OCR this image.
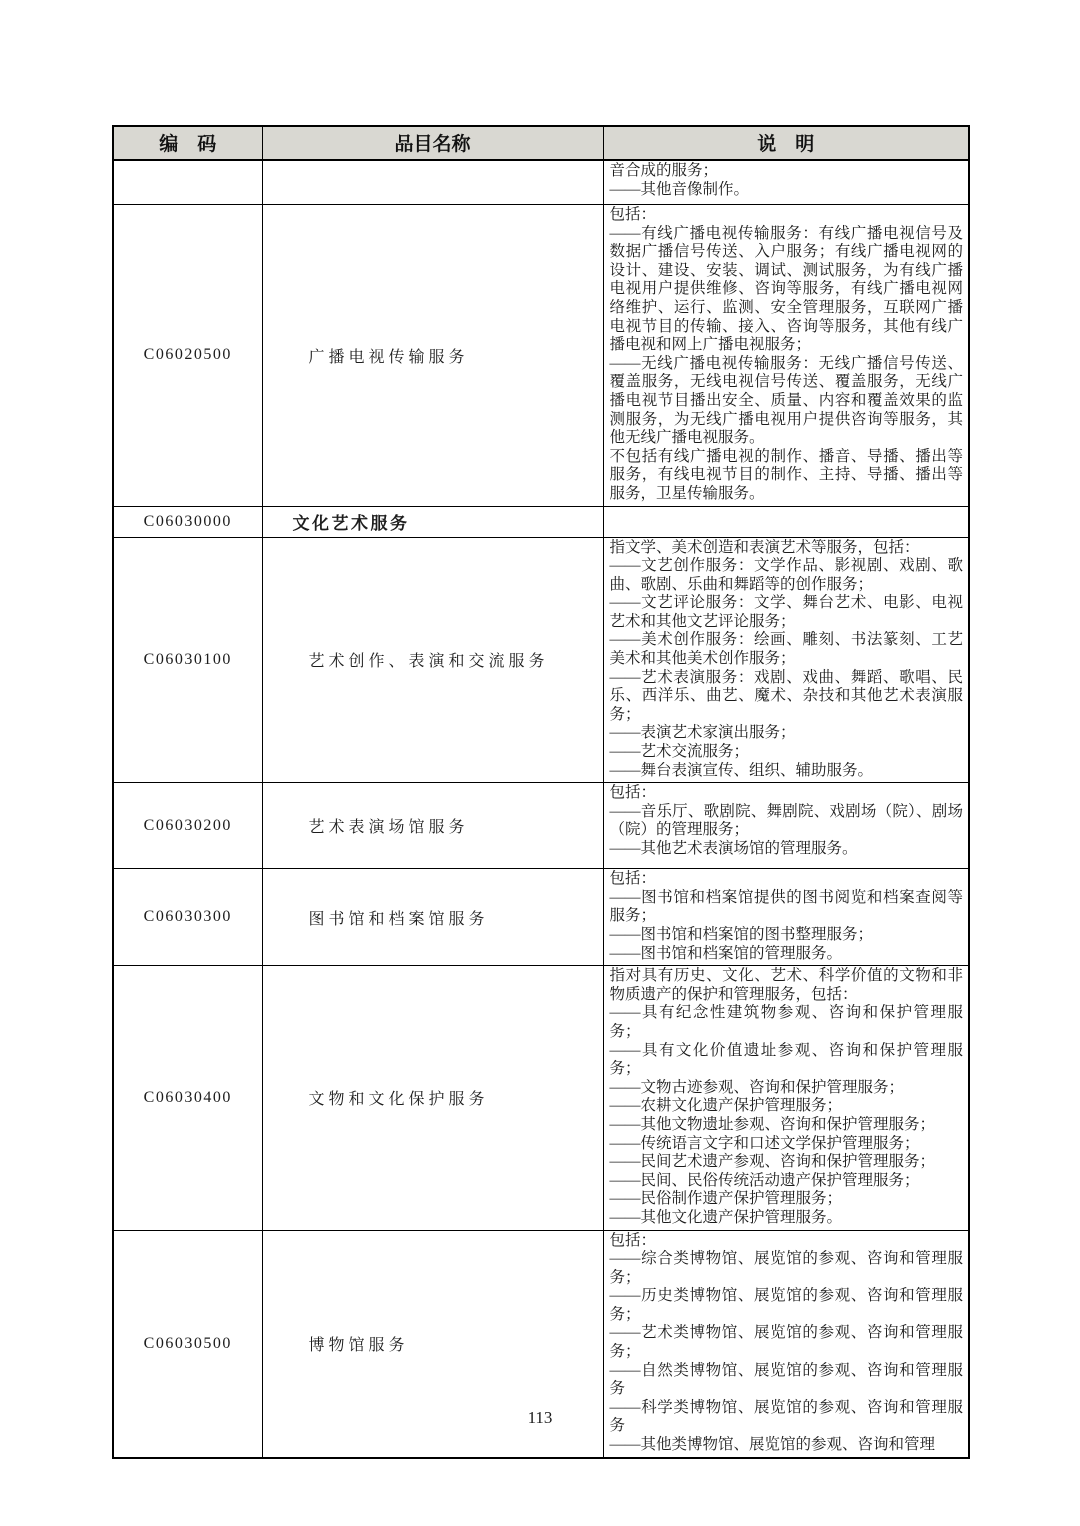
编　码	品目名称	说　明

		音合成的服务；
——其他音像制作。

C06020500	广播电视传输服务	包括：
——有线广播电视传输服务：有线广播电视信号及数据广播信号传送、入户服务；有线广播电视网的设计、建设、安装、调试、测试服务，为有线广播电视用户提供维修、咨询等服务，有线广播电视网络维护、运行、监测、安全管理服务，互联网广播电视节目的传输、接入、咨询等服务，其他有线广播电视和网上广播电视服务；
——无线广播电视传输服务：无线广播信号传送、覆盖服务，无线电视信号传送、覆盖服务，无线广播电视节目播出安全、质量、内容和覆盖效果的监测服务，为无线广播电视用户提供咨询等服务，其他无线广播电视服务。
不包括有线广播电视的制作、播音、导播、播出等服务，有线电视节目的制作、主持、导播、播出等服务，卫星传输服务。

C06030000	文化艺术服务	
C06030100	艺术创作、表演和交流服务	
指文学、美术创造和表演艺术等服务，包括：
——文艺创作服务：文学作品、影视剧、戏剧、歌曲、歌剧、乐曲和舞蹈等的创作服务；
——文艺评论服务：文学、舞台艺术、电影、电视艺术和其他文艺评论服务；
——美术创作服务：绘画、雕刻、书法篆刻、工艺美术和其他美术创作服务；
——艺术表演服务：戏剧、戏曲、舞蹈、歌唱、民乐、西洋乐、曲艺、魔术、杂技和其他艺术表演服务；
——表演艺术家演出服务；
——艺术交流服务；
——舞台表演宣传、组织、辅助服务。

C06030200	艺术表演场馆服务	包括：
——音乐厅、歌剧院、舞剧院、戏剧场（院）、剧场（院）的管理服务；
——其他艺术表演场馆的管理服务。

C06030300	图书馆和档案馆服务	包括：
——图书馆和档案馆提供的图书阅览和档案查阅等服务；
——图书馆和档案馆的图书整理服务；
——图书馆和档案馆的管理服务。

C06030400	文物和文化保护服务	
指对具有历史、文化、艺术、科学价值的文物和非物质遗产的保护和管理服务，包括：
——具有纪念性建筑物参观、咨询和保护管理服务；
——具有文化价值遗址参观、咨询和保护管理服务；
——文物古迹参观、咨询和保护管理服务；
——农耕文化遗产保护管理服务；
——其他文物遗址参观、咨询和保护管理服务；
——传统语言文字和口述文学保护管理服务；
——民间艺术遗产参观、咨询和保护管理服务；
——民间、民俗传统活动遗产保护管理服务；
——民俗制作遗产保护管理服务；
——其他文化遗产保护管理服务。

C06030500	博物馆服务	
包括：
——综合类博物馆、展览馆的参观、咨询和管理服务；
——历史类博物馆、展览馆的参观、咨询和管理服务；
——艺术类博物馆、展览馆的参观、咨询和管理服务；
——自然类博物馆、展览馆的参观、咨询和管理服务
——科学类博物馆、展览馆的参观、咨询和管理服务
——其他类博物馆、展览馆的参观、咨询和管理
113
